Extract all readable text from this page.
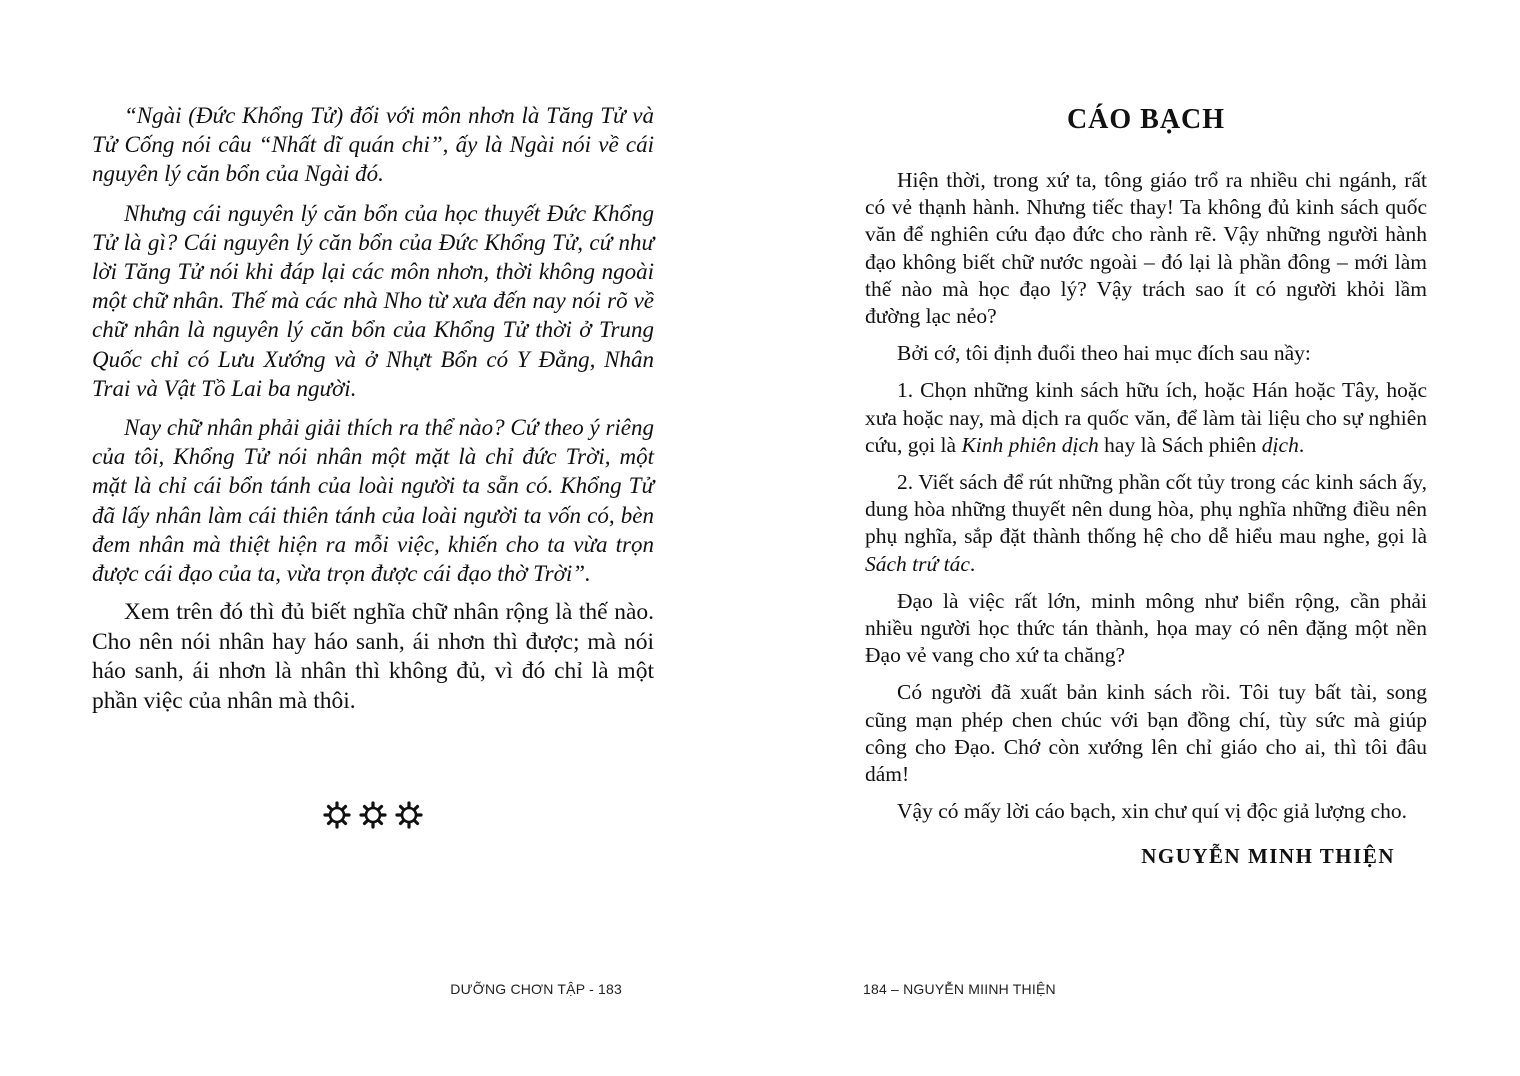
“Ngài (Đức Khổng Tử) đối với môn nhơn là Tăng Tử và Tử Cống nói câu “Nhất dĩ quán chi”, ấy là Ngài nói về cái nguyên lý căn bổn của Ngài đó.

Nhưng cái nguyên lý căn bổn của học thuyết Đức Khổng Tử là gì? Cái nguyên lý căn bổn của Đức Khổng Tử, cứ như lời Tăng Tử nói khi đáp lại các môn nhơn, thời không ngoài một chữ nhân. Thế mà các nhà Nho từ xưa đến nay nói rõ về chữ nhân là nguyên lý căn bổn của Khổng Tử thời ở Trung Quốc chỉ có Lưu Xướng và ở Nhựt Bổn có Y Đằng, Nhân Trai và Vật Tồ Lai ba người.

Nay chữ nhân phải giải thích ra thể nào? Cứ theo ý riêng của tôi, Khổng Tử nói nhân một mặt là chỉ đức Trời, một mặt là chỉ cái bổn tánh của loài người ta sẵn có. Khổng Tử đã lấy nhân làm cái thiên tánh của loài người ta vốn có, bèn đem nhân mà thiệt hiện ra mỗi việc, khiến cho ta vừa trọn được cái đạo của ta, vừa trọn được cái đạo thờ Trời”.

Xem trên đó thì đủ biết nghĩa chữ nhân rộng là thế nào. Cho nên nói nhân hay háo sanh, ái nhơn thì được; mà nói háo sanh, ái nhơn là nhân thì không đủ, vì đó chỉ là một phần việc của nhân mà thôi.

DƯỠNG CHƠN TẬP - 183
CÁO BẠCH

Hiện thời, trong xứ ta, tông giáo trổ ra nhiều chi ngánh, rất có vẻ thạnh hành. Nhưng tiếc thay! Ta không đủ kinh sách quốc văn để nghiên cứu đạo đức cho rành rẽ. Vậy những người hành đạo không biết chữ nước ngoài – đó lại là phần đông – mới làm thế nào mà học đạo lý? Vậy trách sao ít có người khỏi lầm đường lạc nẻo?

Bởi cớ, tôi định đuổi theo hai mục đích sau nầy:

1. Chọn những kinh sách hữu ích, hoặc Hán hoặc Tây, hoặc xưa hoặc nay, mà dịch ra quốc văn, để làm tài liệu cho sự nghiên cứu, gọi là Kinh phiên dịch hay là Sách phiên dịch.

2. Viết sách để rút những phần cốt tủy trong các kinh sách ấy, dung hòa những thuyết nên dung hòa, phụ nghĩa những điều nên phụ nghĩa, sắp đặt thành thống hệ cho dễ hiểu mau nghe, gọi là Sách trứ tác.

Đạo là việc rất lớn, minh mông như biển rộng, cần phải nhiều người học thức tán thành, họa may có nên đặng một nền Đạo vẻ vang cho xứ ta chăng?

Có người đã xuất bản kinh sách rồi. Tôi tuy bất tài, song cũng mạn phép chen chúc với bạn đồng chí, tùy sức mà giúp công cho Đạo. Chớ còn xướng lên chỉ giáo cho ai, thì tôi đâu dám!

Vậy có mấy lời cáo bạch, xin chư quí vị độc giả lượng cho.

NGUYỄN MINH THIỆN
184 – NGUYỄN MIINH THIỆN
